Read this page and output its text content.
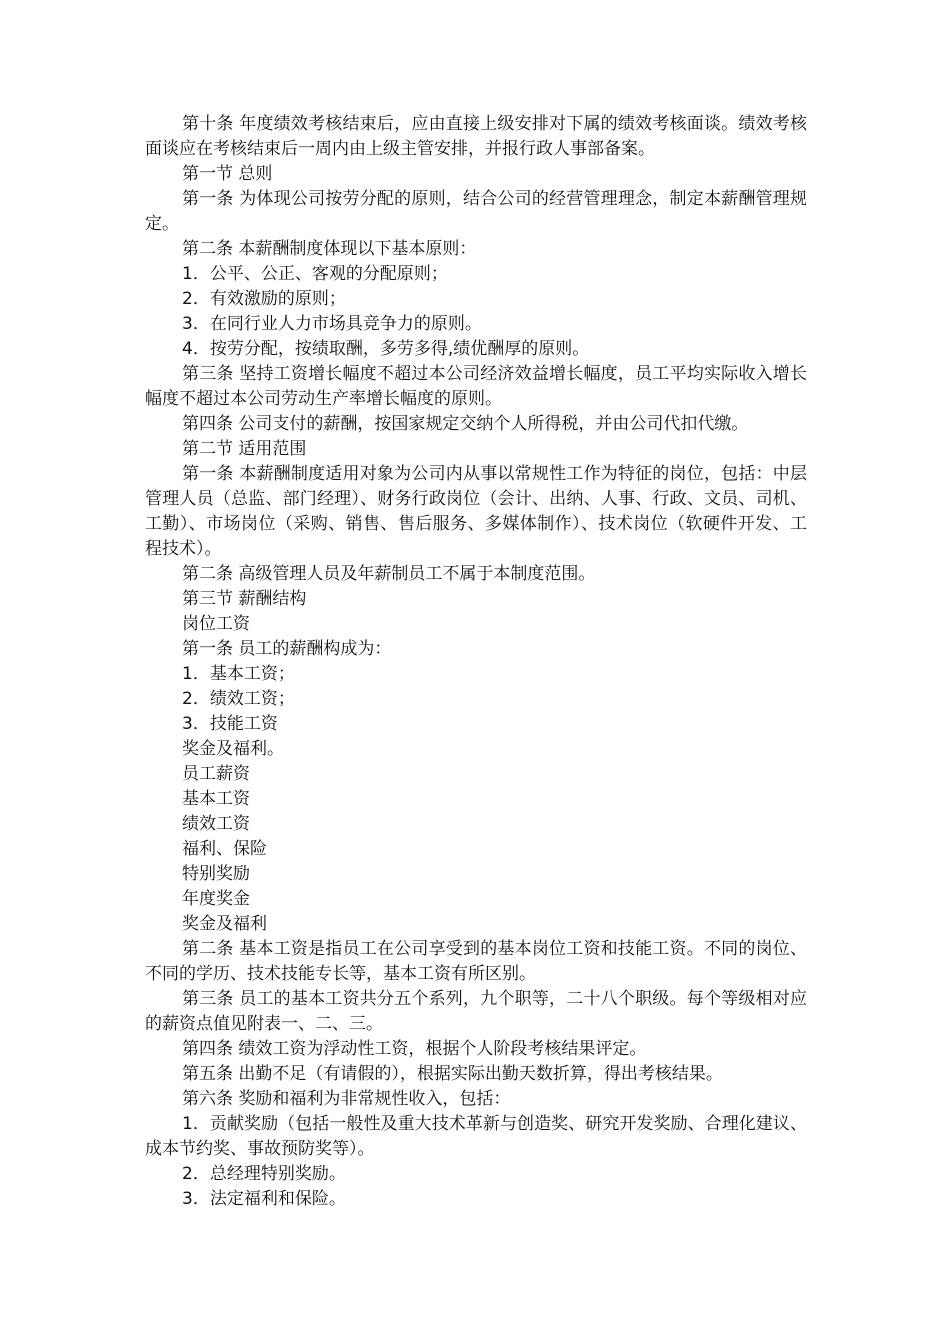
第十条 年度绩效考核结束后，应由直接上级安排对下属的绩效考核面谈。绩效考核面谈应在考核结束后一周内由上级主管安排，并报行政人事部备案。

第一节 总则

第一条 为体现公司按劳分配的原则，结合公司的经营管理理念，制定本薪酬管理规定。

第二条 本薪酬制度体现以下基本原则：

1．公平、公正、客观的分配原则；

2．有效激励的原则；

3．在同行业人力市场具竞争力的原则。

4．按劳分配，按绩取酬，多劳多得,绩优酬厚的原则。

第三条 坚持工资增长幅度不超过本公司经济效益增长幅度，员工平均实际收入增长幅度不超过本公司劳动生产率增长幅度的原则。

第四条 公司支付的薪酬，按国家规定交纳个人所得税，并由公司代扣代缴。

第二节 适用范围

第一条 本薪酬制度适用对象为公司内从事以常规性工作为特征的岗位，包括：中层管理人员（总监、部门经理）、财务行政岗位（会计、出纳、人事、行政、文员、司机、工勤）、市场岗位（采购、销售、售后服务、多媒体制作）、技术岗位（软硬件开发、工程技术）。

第二条 高级管理人员及年薪制员工不属于本制度范围。

第三节 薪酬结构

岗位工资

第一条 员工的薪酬构成为：

1．基本工资；

2．绩效工资；

3．技能工资

奖金及福利。

员工薪资

基本工资

绩效工资

福利、保险

特别奖励

年度奖金

奖金及福利

第二条 基本工资是指员工在公司享受到的基本岗位工资和技能工资。不同的岗位、不同的学历、技术技能专长等，基本工资有所区别。

第三条 员工的基本工资共分五个系列，九个职等，二十八个职级。每个等级相对应的薪资点值见附表一、二、三。

第四条 绩效工资为浮动性工资，根据个人阶段考核结果评定。

第五条 出勤不足（有请假的），根据实际出勤天数折算，得出考核结果。

第六条 奖励和福利为非常规性收入，包括：

1．贡献奖励（包括一般性及重大技术革新与创造奖、研究开发奖励、合理化建议、成本节约奖、事故预防奖等）。

2．总经理特别奖励。

3．法定福利和保险。
